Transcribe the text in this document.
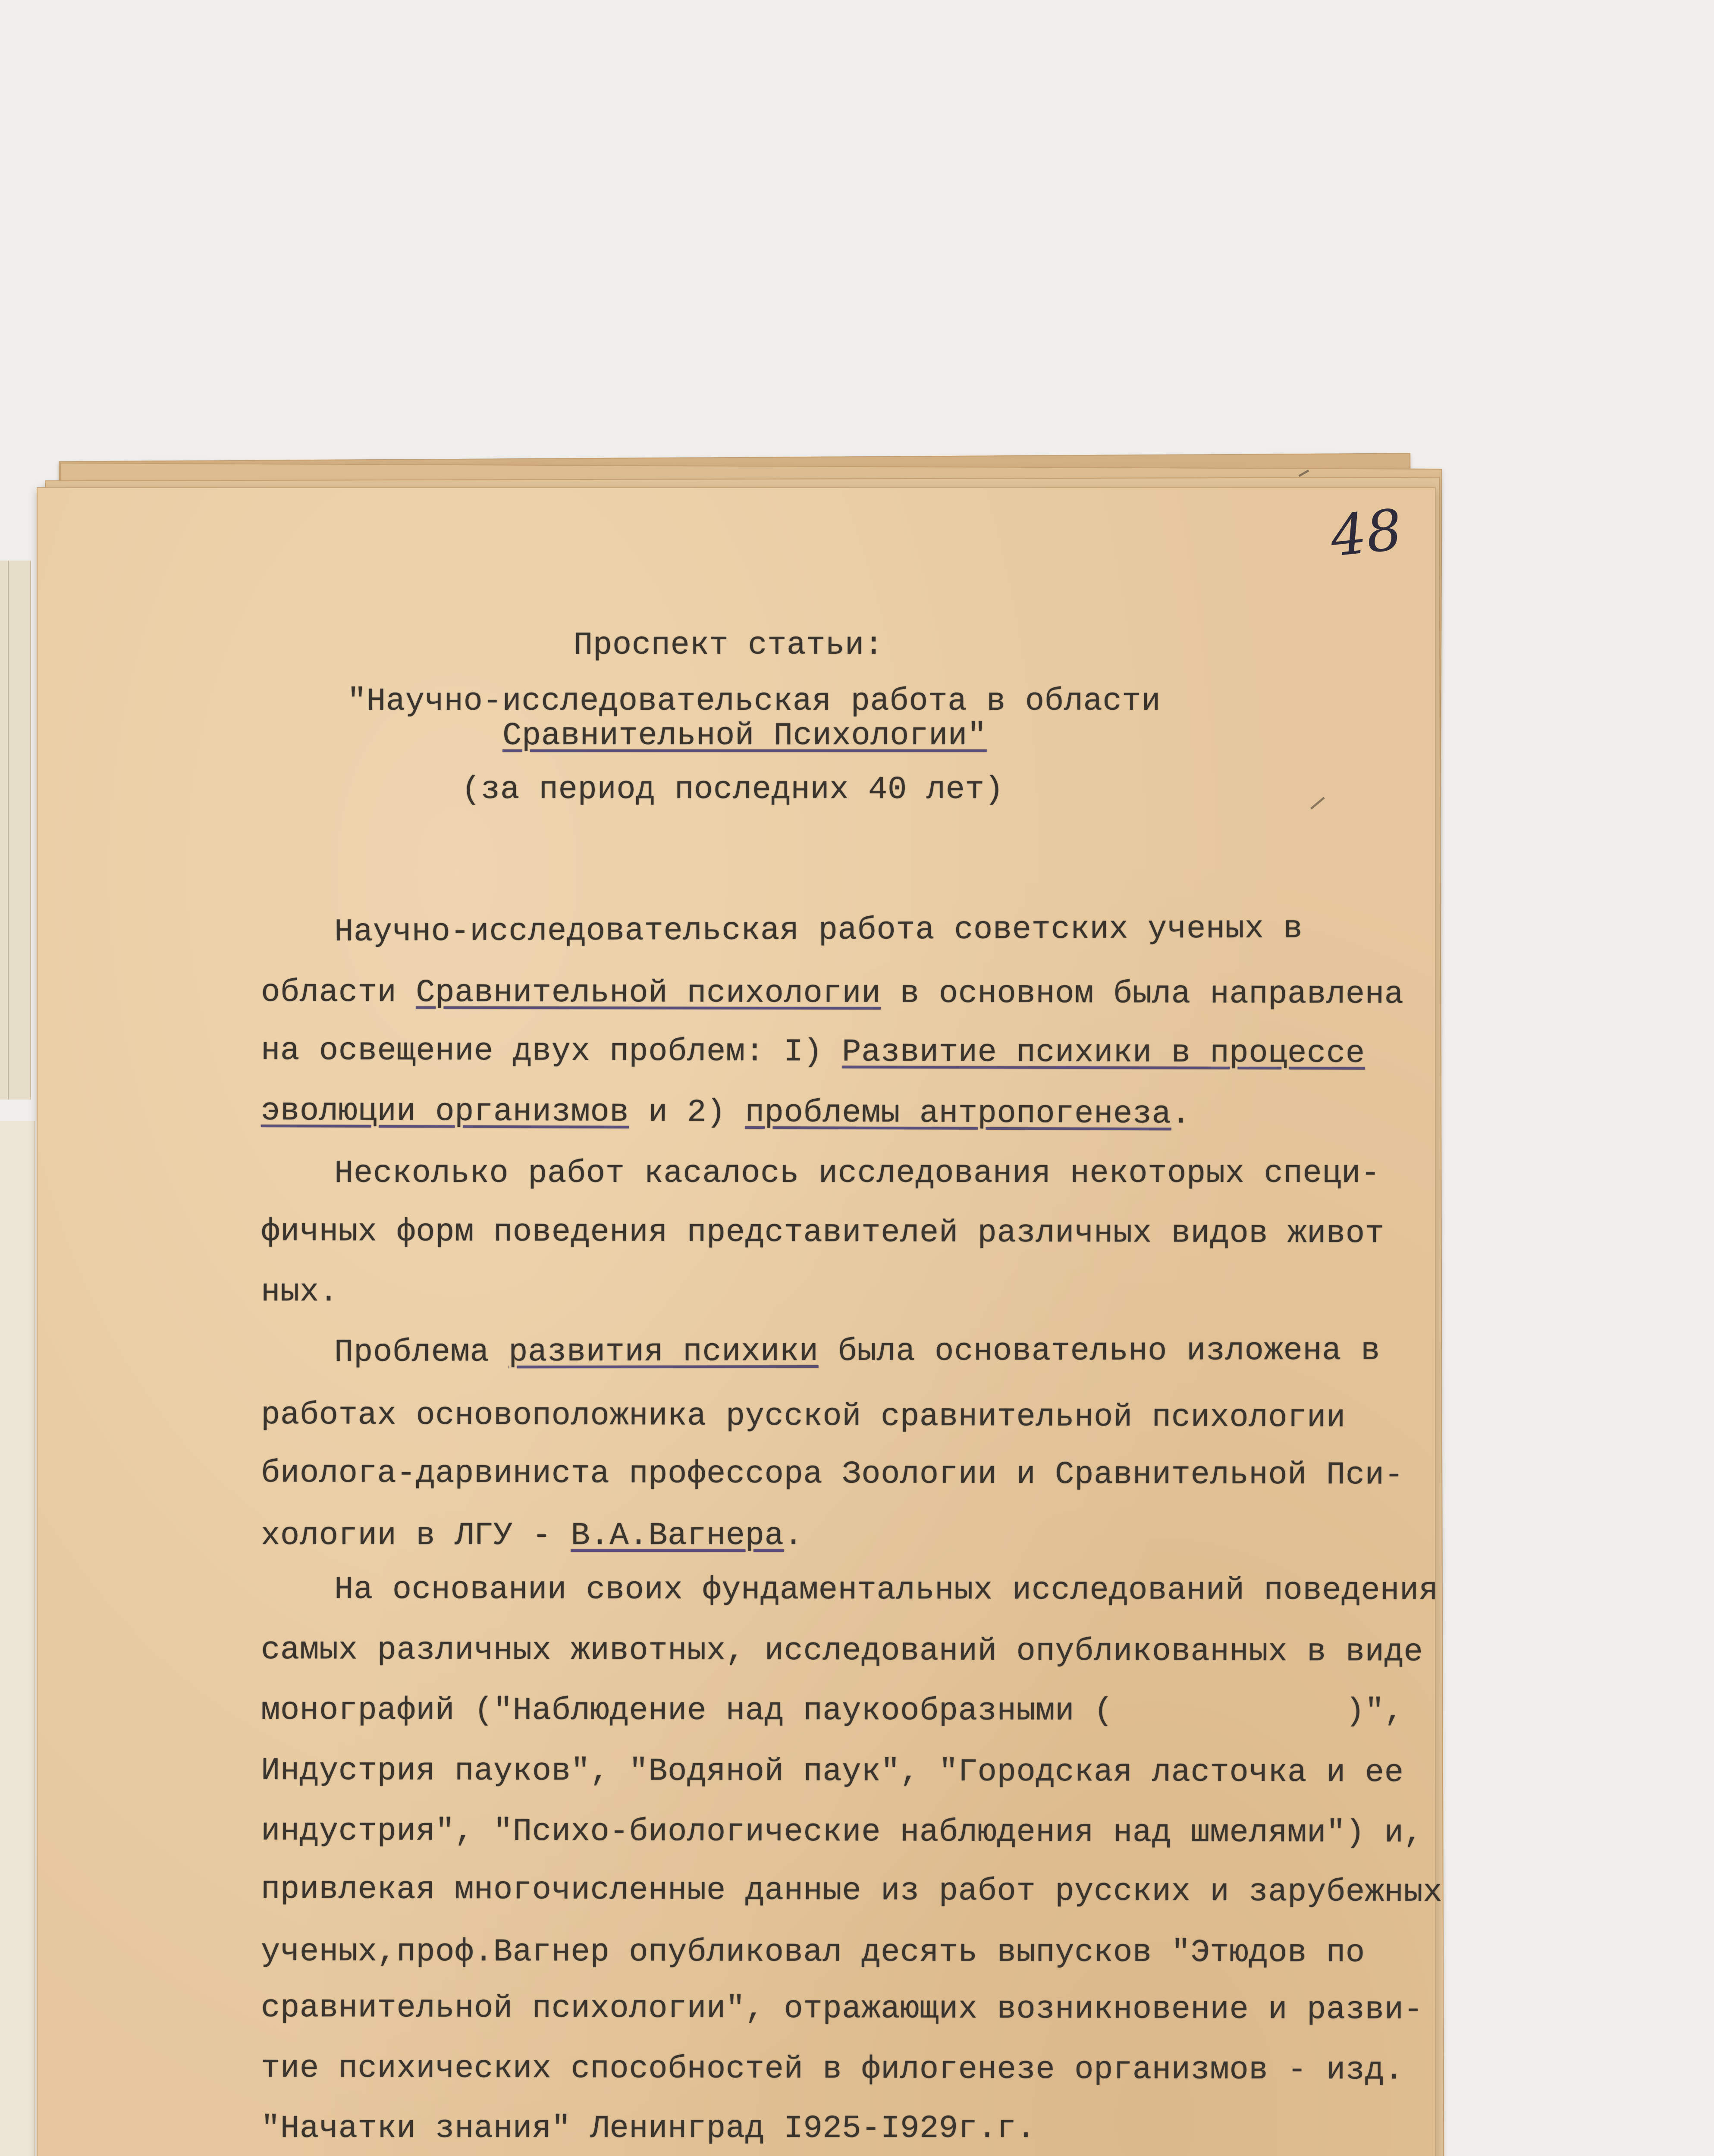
48
Проспект статьи:
"Научно-исследовательская работа в области
Сравнительной Психологии"
(за период последних 40 лет)
Научно-исследовательская работа советских ученых в
области Сравнительной психологии в основном была направлена
на освещение двух проблем: I) Развитие психики в процессе
эволюции организмов и 2) проблемы антропогенеза.
Несколько работ касалось исследования некоторых специ-
фичных форм поведения представителей различных видов живот
ных.
Проблема развития психики была основательно изложена в
работах основоположника русской сравнительной психологии
биолога-дарвиниста профессора Зоологии и Сравнительной Пси-
хологии в ЛГУ - В.А.Вагнера.
На основании своих фундаментальных исследований поведения
самых различных животных, исследований опубликованных в виде
монографий ("Наблюдение над паукообразными (            )",
Индустрия пауков", "Водяной паук", "Городская ласточка и ее
индустрия", "Психо-биологические наблюдения над шмелями") и,
привлекая многочисленные данные из работ русских и зарубежных
ученых,проф.Вагнер опубликовал десять выпусков "Этюдов по
сравнительной психологии", отражающих возникновение и разви-
тие психических способностей в филогенезе организмов - изд.
"Начатки знания" Ленинград I925-I929г.г.
